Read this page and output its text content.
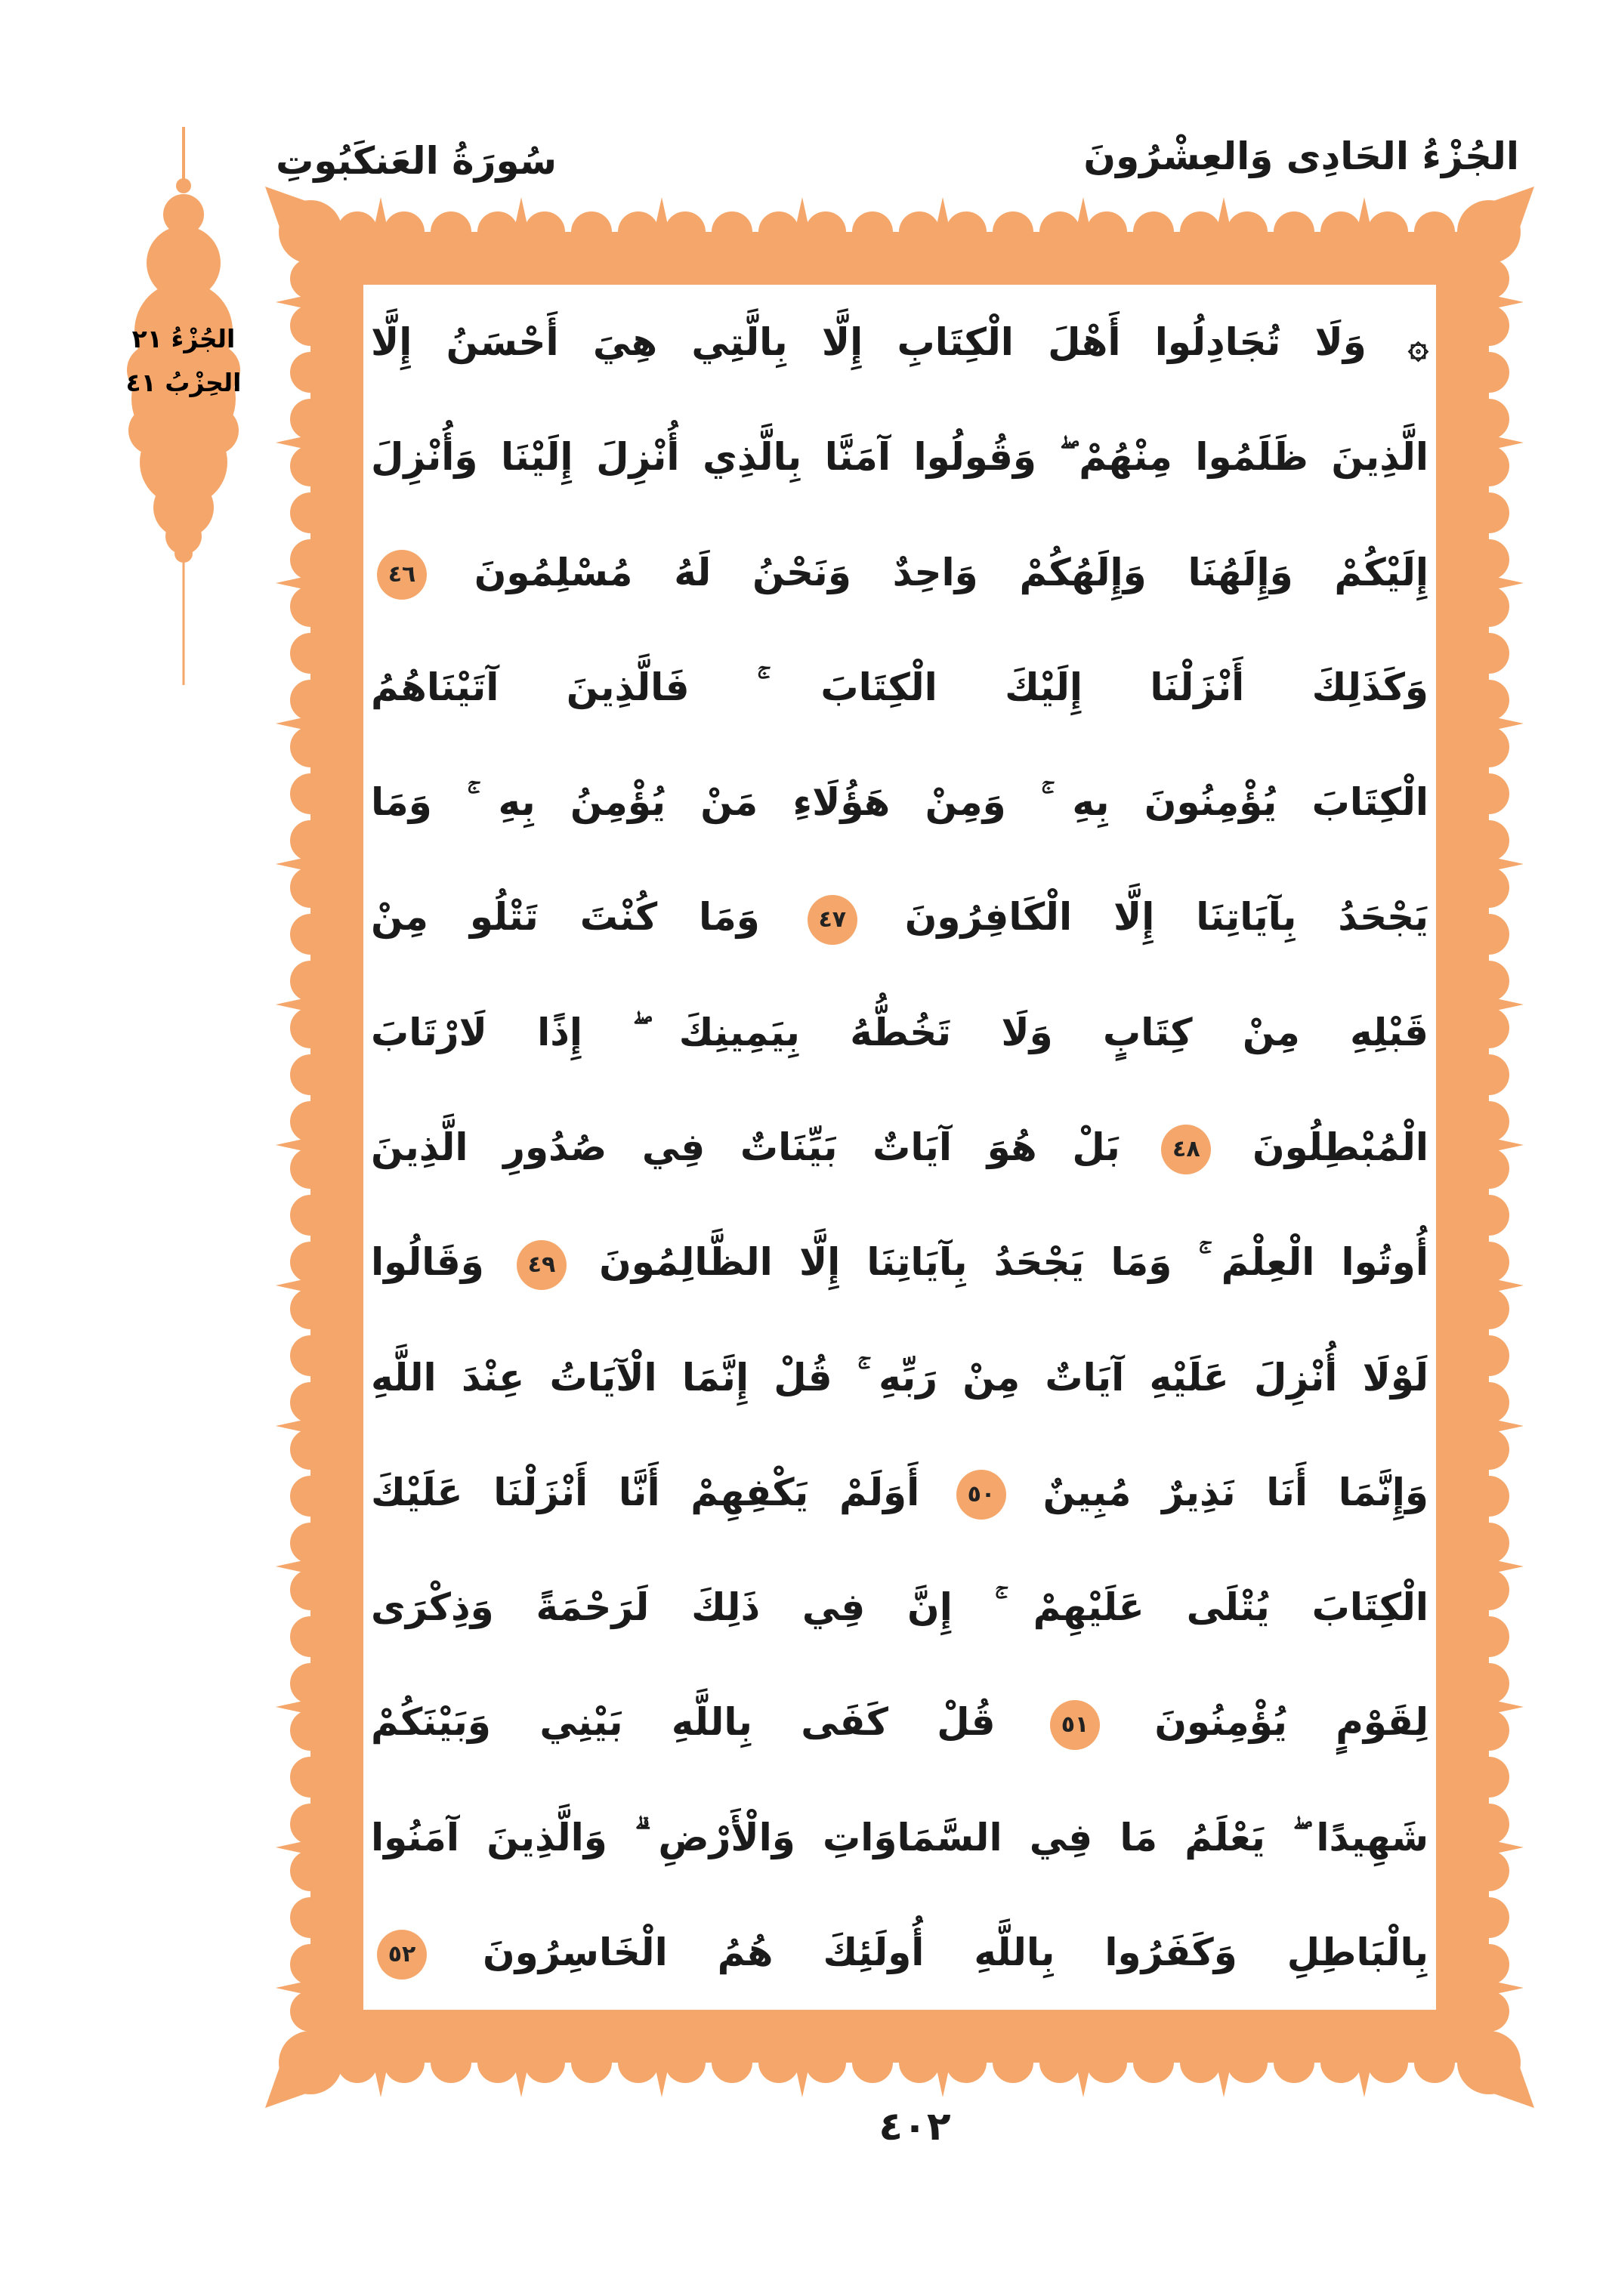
الجُزْءُ الحَادِى وَالعِشْرُونَ
سُورَةُ العَنكَبُوتِ
الجُزْءُ ٢١
الحِزْبُ ٤١
۞ وَلَا تُجَادِلُوا أَهْلَ الْكِتَابِ إِلَّا بِالَّتِي هِيَ أَحْسَنُ إِلَّا
الَّذِينَ ظَلَمُوا مِنْهُمْ ۖ وَقُولُوا آمَنَّا بِالَّذِي أُنْزِلَ إِلَيْنَا وَأُنْزِلَ
إِلَيْكُمْ وَإِلَهُنَا وَإِلَهُكُمْ وَاحِدٌ وَنَحْنُ لَهُ مُسْلِمُونَ ٤٦
وَكَذَلِكَ أَنْزَلْنَا إِلَيْكَ الْكِتَابَ ۚ فَالَّذِينَ آتَيْنَاهُمُ
الْكِتَابَ يُؤْمِنُونَ بِهِ ۚ وَمِنْ هَؤُلَاءِ مَنْ يُؤْمِنُ بِهِ ۚ وَمَا
يَجْحَدُ بِآيَاتِنَا إِلَّا الْكَافِرُونَ ٤٧ وَمَا كُنْتَ تَتْلُو مِنْ
قَبْلِهِ مِنْ كِتَابٍ وَلَا تَخُطُّهُ بِيَمِينِكَ ۖ إِذًا لَارْتَابَ
الْمُبْطِلُونَ ٤٨ بَلْ هُوَ آيَاتٌ بَيِّنَاتٌ فِي صُدُورِ الَّذِينَ
أُوتُوا الْعِلْمَ ۚ وَمَا يَجْحَدُ بِآيَاتِنَا إِلَّا الظَّالِمُونَ ٤٩ وَقَالُوا
لَوْلَا أُنْزِلَ عَلَيْهِ آيَاتٌ مِنْ رَبِّهِ ۚ قُلْ إِنَّمَا الْآيَاتُ عِنْدَ اللَّهِ
وَإِنَّمَا أَنَا نَذِيرٌ مُبِينٌ ٥٠ أَوَلَمْ يَكْفِهِمْ أَنَّا أَنْزَلْنَا عَلَيْكَ
الْكِتَابَ يُتْلَى عَلَيْهِمْ ۚ إِنَّ فِي ذَلِكَ لَرَحْمَةً وَذِكْرَى
لِقَوْمٍ يُؤْمِنُونَ ٥١ قُلْ كَفَى بِاللَّهِ بَيْنِي وَبَيْنَكُمْ
شَهِيدًا ۖ يَعْلَمُ مَا فِي السَّمَاوَاتِ وَالْأَرْضِ ۗ وَالَّذِينَ آمَنُوا
بِالْبَاطِلِ وَكَفَرُوا بِاللَّهِ أُولَئِكَ هُمُ الْخَاسِرُونَ ٥٢
٤٠٢
